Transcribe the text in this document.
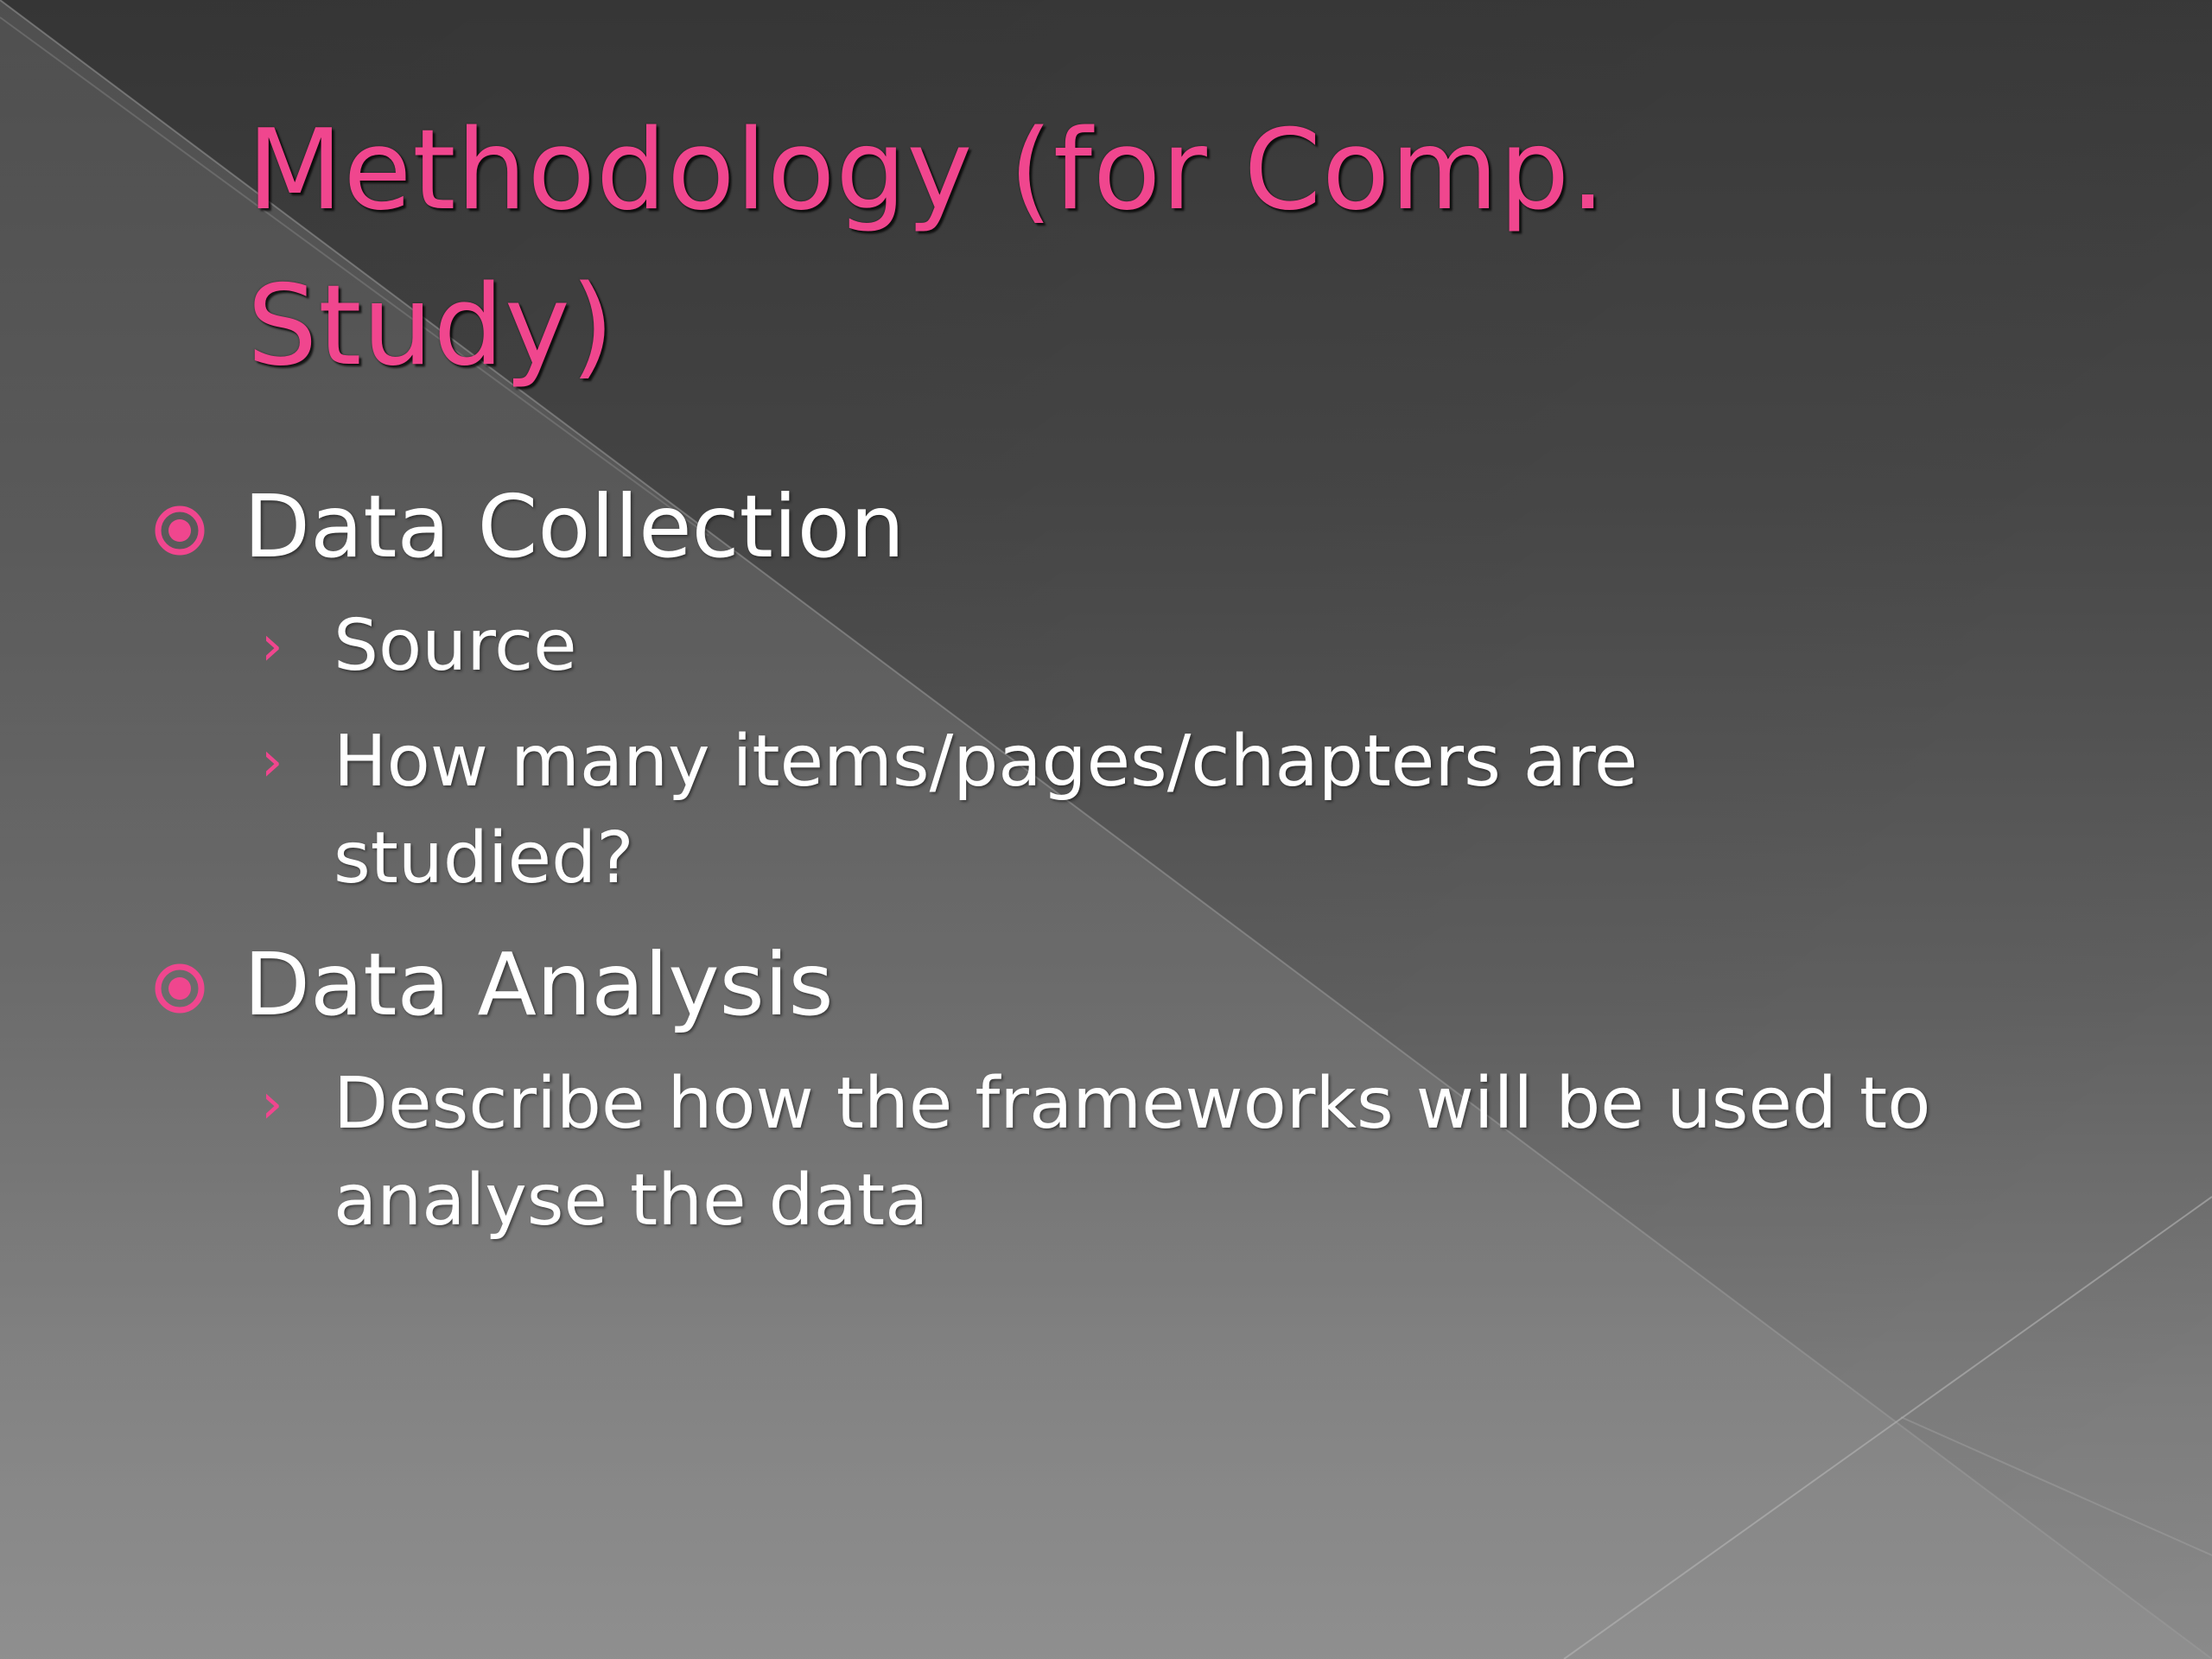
Methodology (for Comp. Study)
Data Collection
› Source
› How many items/pages/chapters are studied?
Data Analysis
› Describe how the frameworks will be used to analyse the data
